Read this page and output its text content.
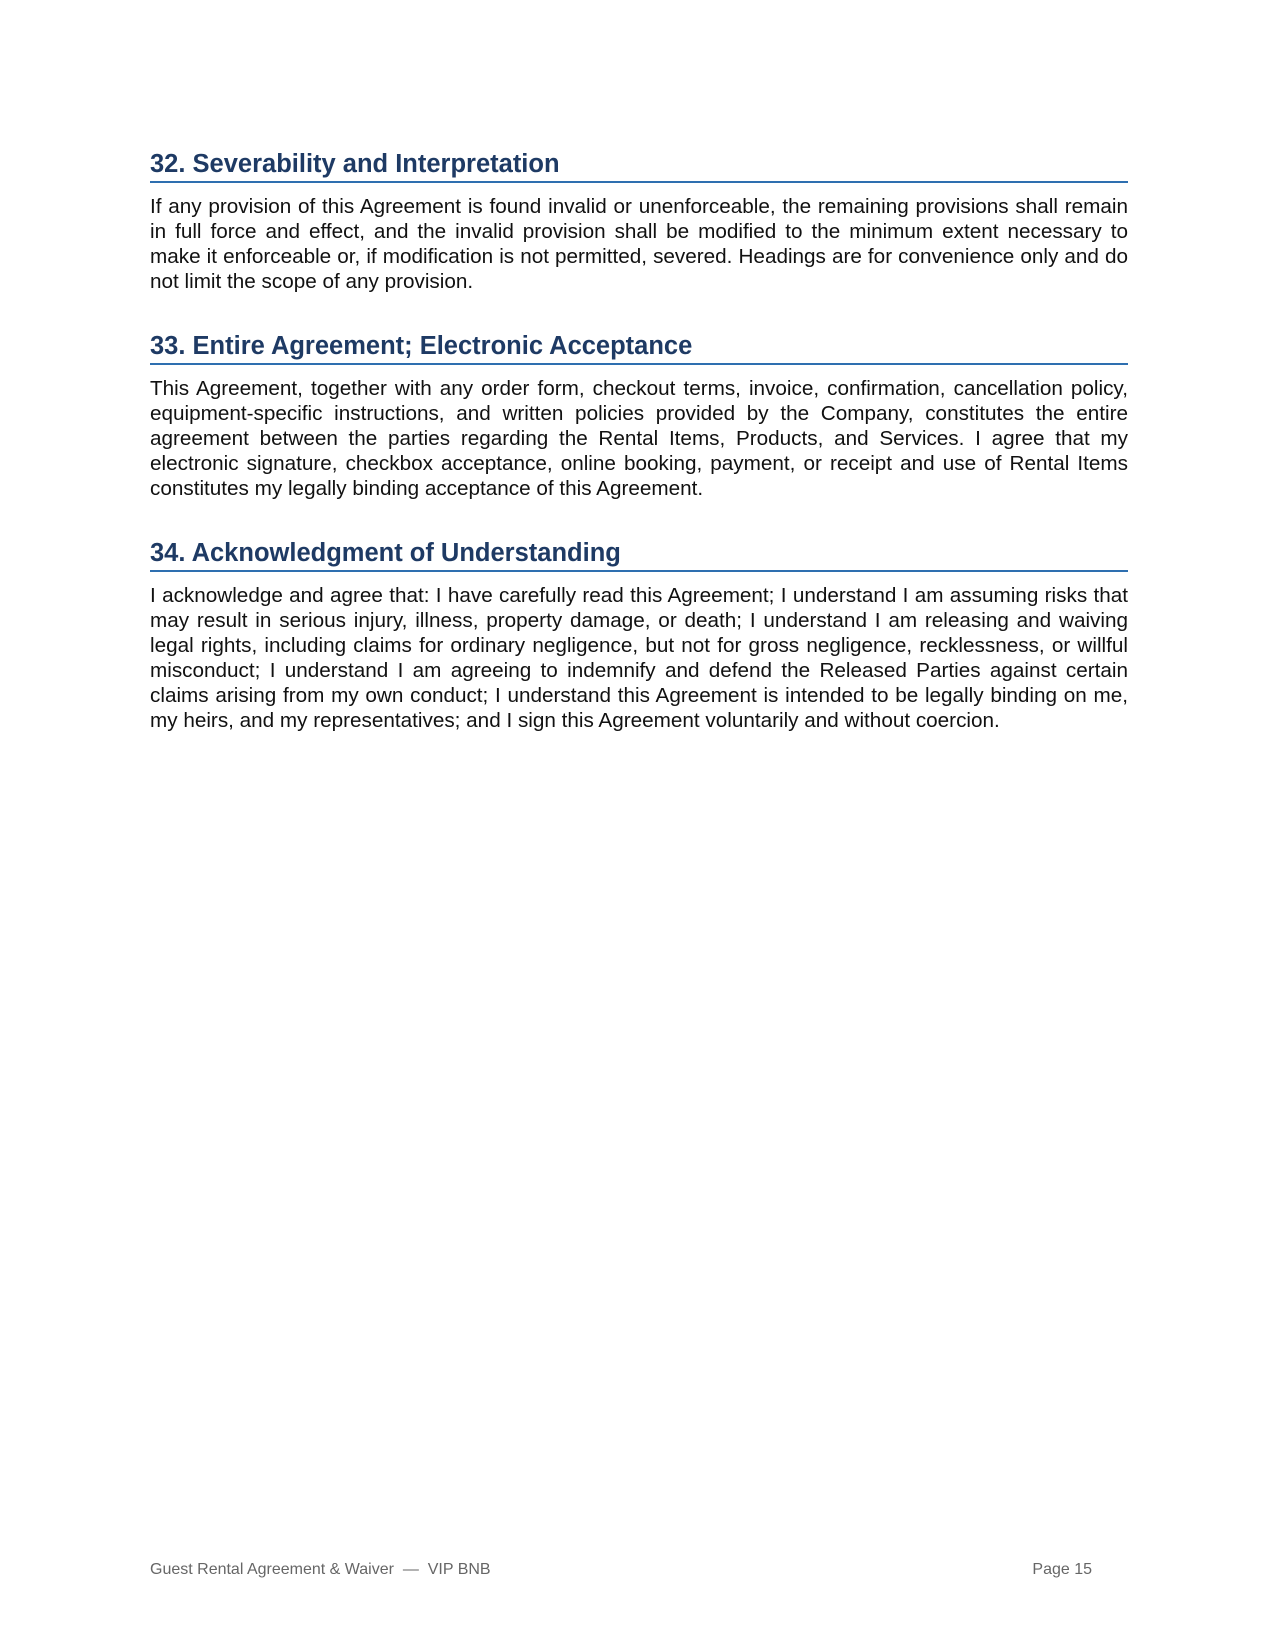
32. Severability and Interpretation

If any provision of this Agreement is found invalid or unenforceable, the remaining provisions shall remain in full force and effect, and the invalid provision shall be modified to the minimum extent necessary to make it enforceable or, if modification is not permitted, severed. Headings are for convenience only and do not limit the scope of any provision.

33. Entire Agreement; Electronic Acceptance

This Agreement, together with any order form, checkout terms, invoice, confirmation, cancellation policy, equipment-specific instructions, and written policies provided by the Company, constitutes the entire agreement between the parties regarding the Rental Items, Products, and Services. I agree that my electronic signature, checkbox acceptance, online booking, payment, or receipt and use of Rental Items constitutes my legally binding acceptance of this Agreement.

34. Acknowledgment of Understanding

I acknowledge and agree that: I have carefully read this Agreement; I understand I am assuming risks that may result in serious injury, illness, property damage, or death; I understand I am releasing and waiving legal rights, including claims for ordinary negligence, but not for gross negligence, recklessness, or willful misconduct; I understand I am agreeing to indemnify and defend the Released Parties against certain claims arising from my own conduct; I understand this Agreement is intended to be legally binding on me, my heirs, and my representatives; and I sign this Agreement voluntarily and without coercion.

Guest Rental Agreement & Waiver  —  VIP BNB	Page 15
